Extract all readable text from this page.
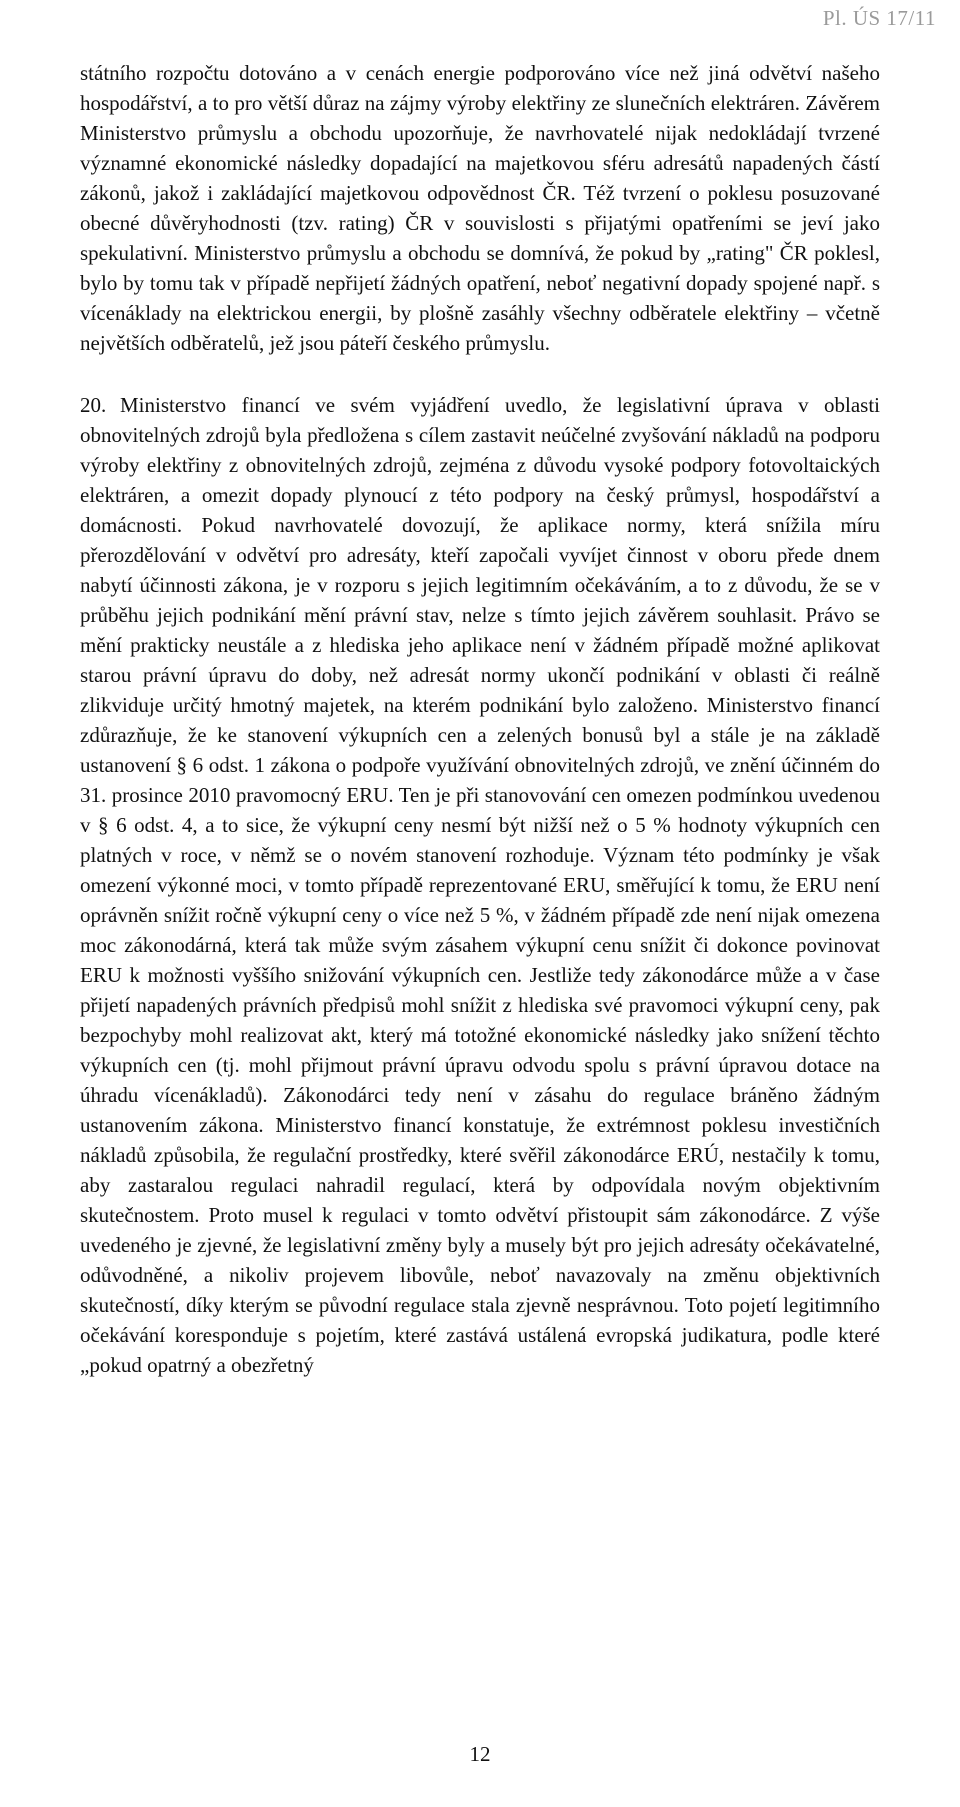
Pl. ÚS 17/11

státního rozpočtu dotováno a v cenách energie podporováno více než jiná odvětví našeho hospodářství, a to pro větší důraz na zájmy výroby elektřiny ze slunečních elektráren. Závěrem Ministerstvo průmyslu a obchodu upozorňuje, že navrhovatelé nijak nedokládají tvrzené významné ekonomické následky dopadající na majetkovou sféru adresátů napadených částí zákonů, jakož i zakládající majetkovou odpovědnost ČR. Též tvrzení o poklesu posuzované obecné důvěryhodnosti (tzv. rating) ČR v souvislosti s přijatými opatřeními se jeví jako spekulativní. Ministerstvo průmyslu a obchodu se domnívá, že pokud by „rating" ČR poklesl, bylo by tomu tak v případě nepřijetí žádných opatření, neboť negativní dopady spojené např. s vícenáklady na elektrickou energii, by plošně zasáhly všechny odběratele elektřiny – včetně největších odběratelů, jež jsou páteří českého průmyslu.

20. Ministerstvo financí ve svém vyjádření uvedlo, že legislativní úprava v oblasti obnovitelných zdrojů byla předložena s cílem zastavit neúčelné zvyšování nákladů na podporu výroby elektřiny z obnovitelných zdrojů, zejména z důvodu vysoké podpory fotovoltaických elektráren, a omezit dopady plynoucí z této podpory na český průmysl, hospodářství a domácnosti. Pokud navrhovatelé dovozují, že aplikace normy, která snížila míru přerozdělování v odvětví pro adresáty, kteří započali vyvíjet činnost v oboru přede dnem nabytí účinnosti zákona, je v rozporu s jejich legitimním očekáváním, a to z důvodu, že se v průběhu jejich podnikání mění právní stav, nelze s tímto jejich závěrem souhlasit. Právo se mění prakticky neustále a z hlediska jeho aplikace není v žádném případě možné aplikovat starou právní úpravu do doby, než adresát normy ukončí podnikání v oblasti či reálně zlikviduje určitý hmotný majetek, na kterém podnikání bylo založeno. Ministerstvo financí zdůrazňuje, že ke stanovení výkupních cen a zelených bonusů byl a stále je na základě ustanovení § 6 odst. 1 zákona o podpoře využívání obnovitelných zdrojů, ve znění účinném do 31. prosince 2010 pravomocný ERU. Ten je při stanovování cen omezen podmínkou uvedenou v § 6 odst. 4, a to sice, že výkupní ceny nesmí být nižší než o 5 % hodnoty výkupních cen platných v roce, v němž se o novém stanovení rozhoduje. Význam této podmínky je však omezení výkonné moci, v tomto případě reprezentované ERU, směřující k tomu, že ERU není oprávněn snížit ročně výkupní ceny o více než 5 %, v žádném případě zde není nijak omezena moc zákonodárná, která tak může svým zásahem výkupní cenu snížit či dokonce povinovat ERU k možnosti vyššího snižování výkupních cen. Jestliže tedy zákonodárce může a v čase přijetí napadených právních předpisů mohl snížit z hlediska své pravomoci výkupní ceny, pak bezpochyby mohl realizovat akt, který má totožné ekonomické následky jako snížení těchto výkupních cen (tj. mohl přijmout právní úpravu odvodu spolu s právní úpravou dotace na úhradu vícenákladů). Zákonodárci tedy není v zásahu do regulace bráněno žádným ustanovením zákona. Ministerstvo financí konstatuje, že extrémnost poklesu investičních nákladů způsobila, že regulační prostředky, které svěřil zákonodárce ERÚ, nestačily k tomu, aby zastaralou regulaci nahradil regulací, která by odpovídala novým objektivním skutečnostem. Proto musel k regulaci v tomto odvětví přistoupit sám zákonodárce. Z výše uvedeného je zjevné, že legislativní změny byly a musely být pro jejich adresáty očekávatelné, odůvodněné, a nikoliv projevem libovůle, neboť navazovaly na změnu objektivních skutečností, díky kterým se původní regulace stala zjevně nesprávnou. Toto pojetí legitimního očekávání koresponduje s pojetím, které zastává ustálená evropská judikatura, podle které „pokud opatrný a obezřetný

12
